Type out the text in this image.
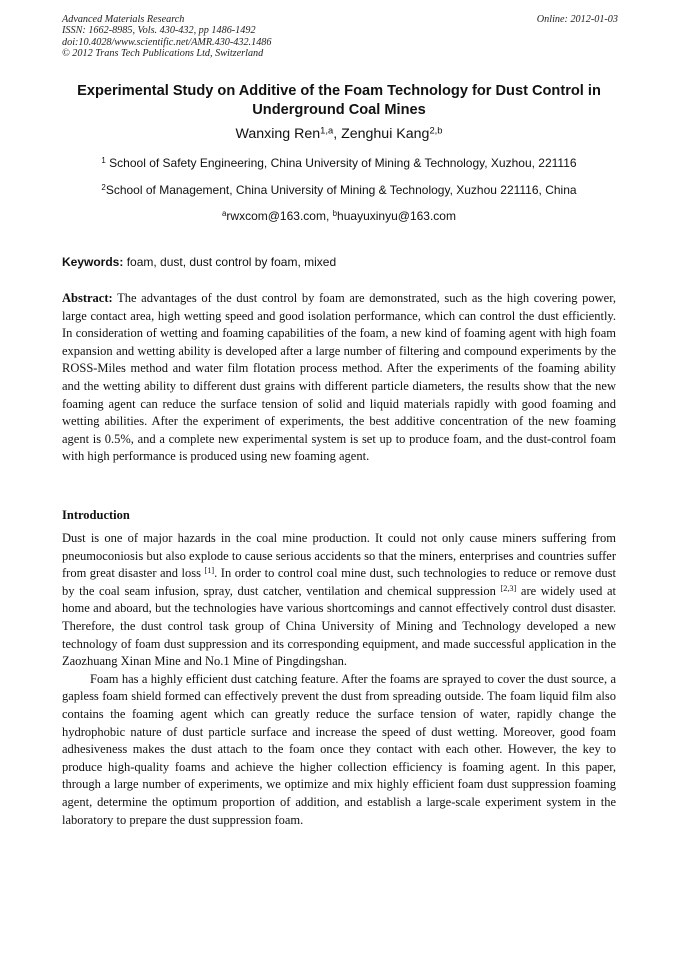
Advanced Materials Research
ISSN: 1662-8985, Vols. 430-432, pp 1486-1492
doi:10.4028/www.scientific.net/AMR.430-432.1486
© 2012 Trans Tech Publications Ltd, Switzerland
Online: 2012-01-03
Experimental Study on Additive of the Foam Technology for Dust Control in Underground Coal Mines
Wanxing Ren$^{1,a}$, Zenghui Kang$^{2,b}$
$^1$ School of Safety Engineering, China University of Mining & Technology, Xuzhou, 221116
$^2$School of Management, China University of Mining & Technology, Xuzhou 221116, China
$^a$rwxcom@163.com, $^b$huayuxinyu@163.com
Keywords: foam, dust, dust control by foam, mixed

Abstract: The advantages of the dust control by foam are demonstrated, such as the high covering power, large contact area, high wetting speed and good isolation performance, which can control the dust efficiently. In consideration of wetting and foaming capabilities of the foam, a new kind of foaming agent with high foam expansion and wetting ability is developed after a large number of filtering and compound experiments by the ROSS-Miles method and water film flotation process method. After the experiments of the foaming ability and the wetting ability to different dust grains with different particle diameters, the results show that the new foaming agent can reduce the surface tension of solid and liquid materials rapidly with good foaming and wetting abilities. After the experiment of experiments, the best additive concentration of the new foaming agent is 0.5%, and a complete new experimental system is set up to produce foam, and the dust-control foam with high performance is produced using new foaming agent.

Introduction

Dust is one of major hazards in the coal mine production. It could not only cause miners suffering from pneumoconiosis but also explode to cause serious accidents so that the miners, enterprises and countries suffer from great disaster and loss [1]. In order to control coal mine dust, such technologies to reduce or remove dust by the coal seam infusion, spray, dust catcher, ventilation and chemical suppression [2,3] are widely used at home and aboard, but the technologies have various shortcomings and cannot effectively control dust disaster. Therefore, the dust control task group of China University of Mining and Technology developed a new technology of foam dust suppression and its corresponding equipment, and made successful application in the Zaozhuang Xinan Mine and No.1 Mine of Pingdingshan.

Foam has a highly efficient dust catching feature. After the foams are sprayed to cover the dust source, a gapless foam shield formed can effectively prevent the dust from spreading outside. The foam liquid film also contains the foaming agent which can greatly reduce the surface tension of water, rapidly change the hydrophobic nature of dust particle surface and increase the speed of dust wetting. Moreover, good foam adhesiveness makes the dust attach to the foam once they contact with each other. However, the key to produce high-quality foams and achieve the higher collection efficiency is foaming agent. In this paper, through a large number of experiments, we optimize and mix highly efficient foam dust suppression foaming agent, determine the optimum proportion of addition, and establish a large-scale experiment system in the laboratory to prepare the dust suppression foam.
